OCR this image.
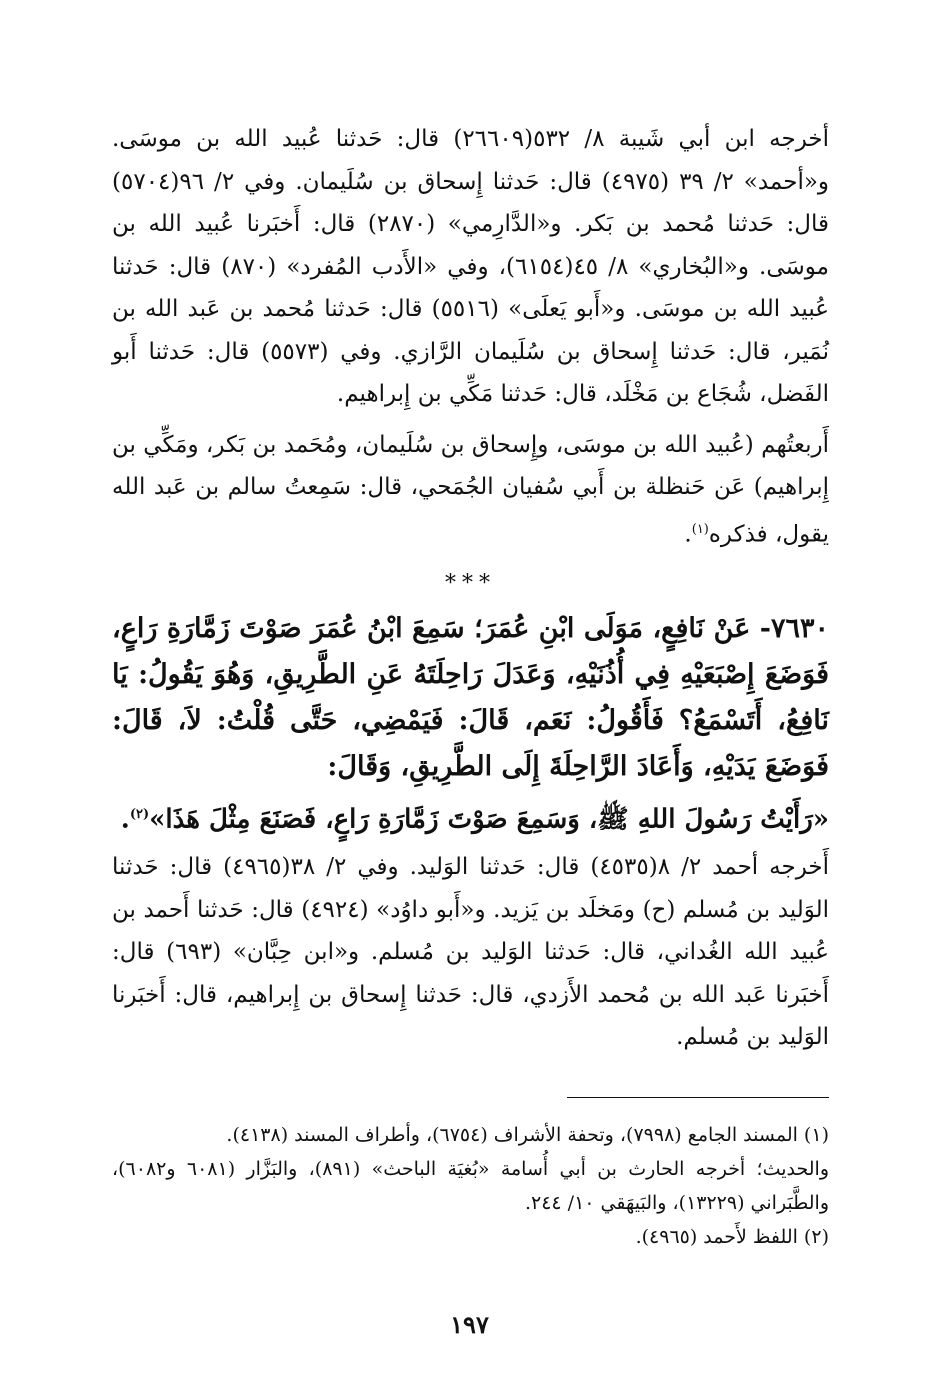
أخرجه ابن أبي شَيبة ٨/ ٥٣٢(٢٦٦٠٩) قال: حَدثنا عُبيد الله بن موسَى. و«أحمد» ٢/ ٣٩ (٤٩٧٥) قال: حَدثنا إِسحاق بن سُلَيمان. وفي ٢/ ٩٦(٥٧٠٤) قال: حَدثنا مُحمد بن بَكر. و«الدَّارِمي» (٢٨٧٠) قال: أَخبَرنا عُبيد الله بن موسَى. و«البُخاري» ٨/ ٤٥(٦١٥٤)، وفي «الأَدب المُفرد» (٨٧٠) قال: حَدثنا عُبيد الله بن موسَى. و«أَبو يَعلَى» (٥٥١٦) قال: حَدثنا مُحمد بن عَبد الله بن نُمَير، قال: حَدثنا إِسحاق بن سُلَيمان الرَّازي. وفي (٥٥٧٣) قال: حَدثنا أَبو الفَضل، شُجَاع بن مَخْلَد، قال: حَدثنا مَكِّي بن إِبراهيم.

أَربعتُهم (عُبيد الله بن موسَى، وإِسحاق بن سُلَيمان، ومُحَمد بن بَكر، ومَكِّي بن إِبراهيم) عَن حَنظلة بن أَبي سُفيان الجُمَحي، قال: سَمِعتُ سالم بن عَبد الله يقول، فذكره$^{(١)}$.

***

٧٦٣٠- عَنْ نَافِعٍ، مَوَلَى ابْنِ عُمَرَ؛ سَمِعَ ابْنُ عُمَرَ صَوْتَ زَمَّارَةِ رَاعٍ، فَوَضَعَ إِصْبَعَيْهِ فِي أُذُنَيْهِ، وَعَدَلَ رَاحِلَتَهُ عَنِ الطَّرِيقِ، وَهُوَ يَقُولُ: يَا نَافِعُ، أَتَسْمَعُ؟ فَأَقُولُ: نَعَم، قَالَ: فَيَمْضِي، حَتَّى قُلْتُ: لاَ، قَالَ: فَوَضَعَ يَدَيْهِ، وَأَعَادَ الرَّاحِلَةَ إِلَى الطَّرِيقِ، وَقَالَ:

«رَأَيْتُ رَسُولَ اللهِ ﷺ، وَسَمِعَ صَوْتَ زَمَّارَةِ رَاعٍ، فَصَنَعَ مِثْلَ هَذَا»$^{(٢)}$.

أَخرجه أحمد ٢/ ٨(٤٥٣٥) قال: حَدثنا الوَليد. وفي ٢/ ٣٨(٤٩٦٥) قال: حَدثنا الوَليد بن مُسلم (ح) ومَخلَد بن يَزيد. و«أَبو داوُد» (٤٩٢٤) قال: حَدثنا أَحمد بن عُبيد الله الغُداني، قال: حَدثنا الوَليد بن مُسلم. و«ابن حِبَّان» (٦٩٣) قال: أَخبَرنا عَبد الله بن مُحمد الأَزدي، قال: حَدثنا إِسحاق بن إِبراهيم، قال: أَخبَرنا الوَليد بن مُسلم.

(١) المسند الجامع (٧٩٩٨)، وتحفة الأشراف (٦٧٥٤)، وأطراف المسند (٤١٣٨).

والحديث؛ أخرجه الحارث بن أبي أُسامة «بُغيَة الباحث» (٨٩١)، والبَزَّار (٦٠٨١ و٦٠٨٢)، والطَّبَراني (١٣٢٢٩)، والبَيهَقي ١٠/ ٢٤٤.

(٢) اللفظ لأَحمد (٤٩٦٥).

١٩٧
